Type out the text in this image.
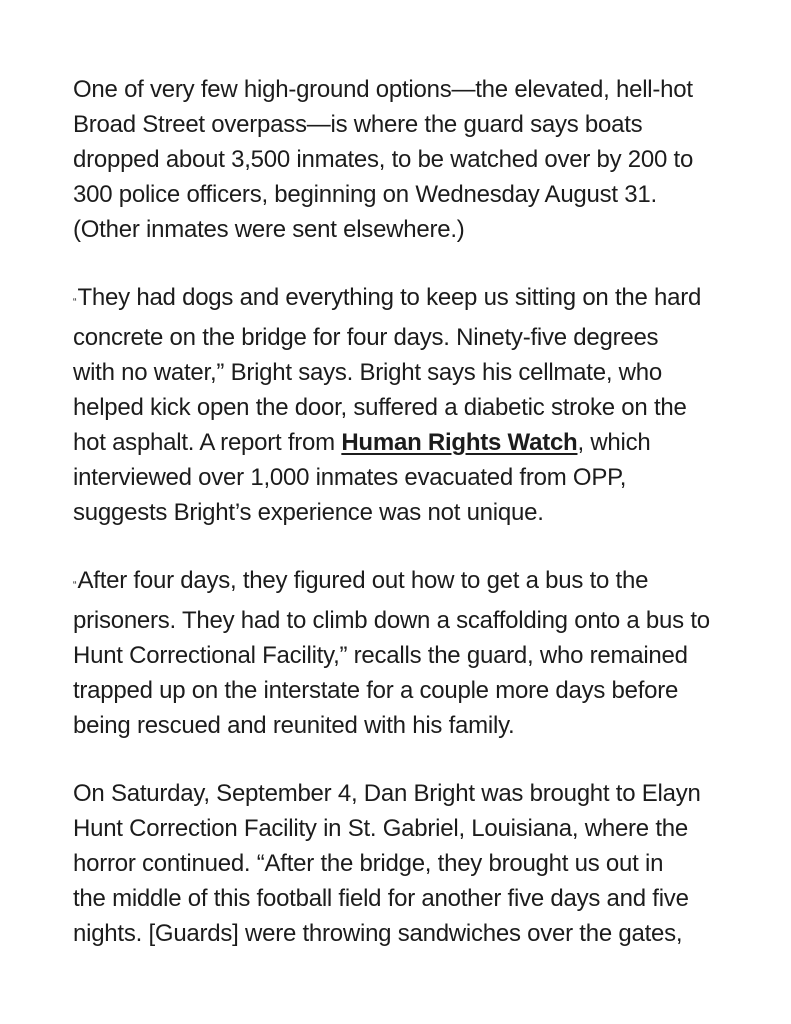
One of very few high-ground options—the elevated, hell-hot
Broad Street overpass—is where the guard says boats
dropped about 3,500 inmates, to be watched over by 200 to
300 police officers, beginning on Wednesday August 31.
(Other inmates were sent elsewhere.)

“They had dogs and everything to keep us sitting on the hard
concrete on the bridge for four days. Ninety-five degrees
with no water,” Bright says. Bright says his cellmate, who
helped kick open the door, suffered a diabetic stroke on the
hot asphalt. A report from Human Rights Watch, which
interviewed over 1,000 inmates evacuated from OPP,
suggests Bright’s experience was not unique.

“After four days, they figured out how to get a bus to the
prisoners. They had to climb down a scaffolding onto a bus to
Hunt Correctional Facility,” recalls the guard, who remained
trapped up on the interstate for a couple more days before
being rescued and reunited with his family.

On Saturday, September 4, Dan Bright was brought to Elayn
Hunt Correction Facility in St. Gabriel, Louisiana, where the
horror continued. “After the bridge, they brought us out in
the middle of this football field for another five days and five
nights. [Guards] were throwing sandwiches over the gates,
